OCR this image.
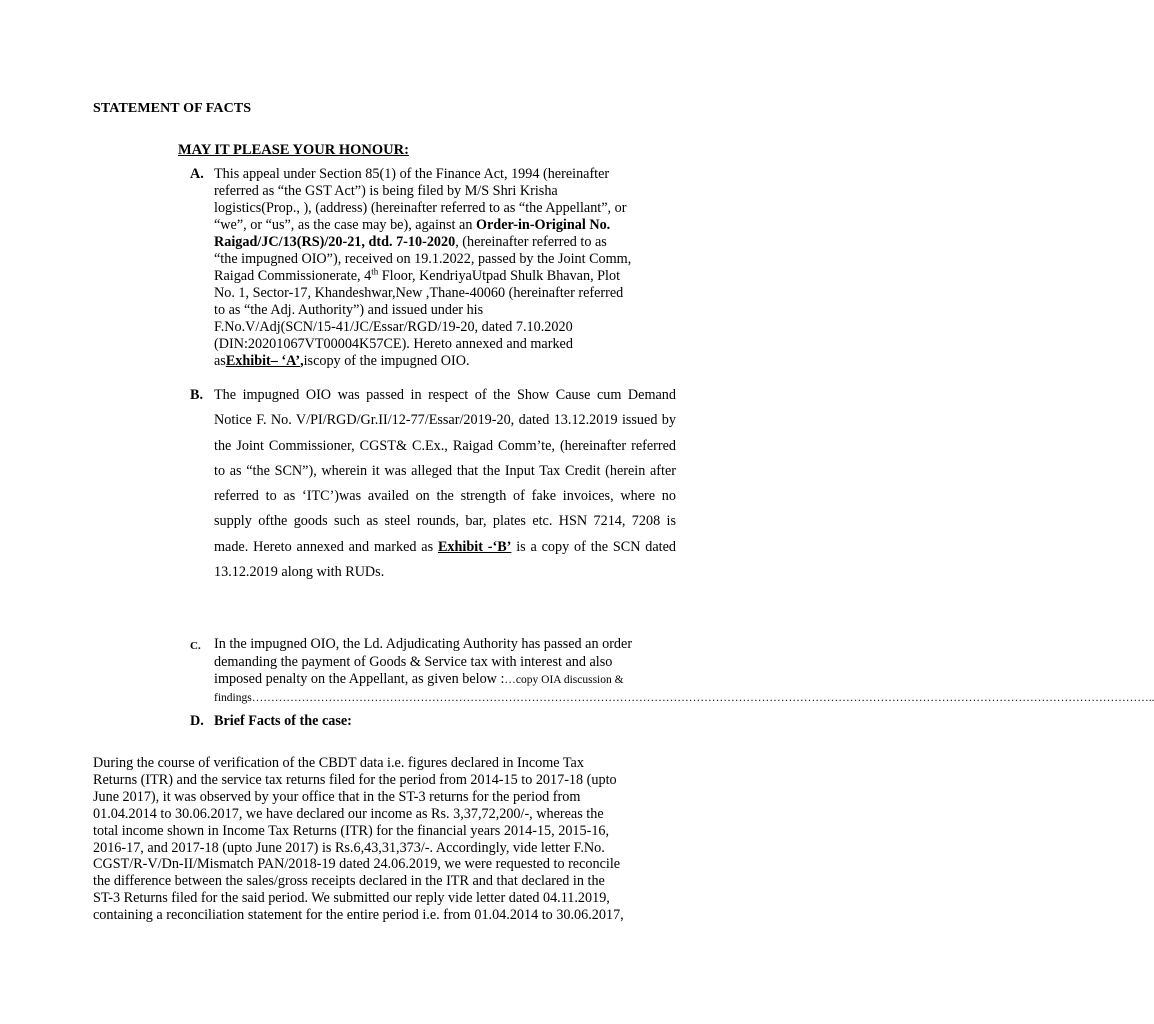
STATEMENT OF FACTS
MAY IT PLEASE YOUR HONOUR:
A. This appeal under Section 85(1) of the Finance Act, 1994 (hereinafter

referred as “the GST Act”) is being filed by M/S Shri Krisha

logistics(Prop., ), (address) (hereinafter referred to as “the Appellant”, or

“we”, or “us”, as the case may be), against an Order-in-Original No.

Raigad/JC/13(RS)/20-21, dtd. 7-10-2020, (hereinafter referred to as

“the impugned OIO”), received on 19.1.2022, passed by the Joint Comm,

Raigad Commissionerate, 4th Floor, KendriyaUtpad Shulk Bhavan, Plot

No. 1, Sector-17, Khandeshwar,New ,Thane-40060 (hereinafter referred

to as “the Adj. Authority”) and issued under his

F.No.V/Adj(SCN/15-41/JC/Essar/RGD/19-20, dated 7.10.2020

(DIN:20201067VT00004K57CE). Hereto annexed and marked

asExhibit– ‘A’,iscopy of the impugned OIO.

B. The impugned OIO was passed in respect of the Show Cause cum Demand Notice F. No. V/PI/RGD/Gr.II/12-77/Essar/2019-20, dated 13.12.2019 issued by the Joint Commissioner, CGST& C.Ex., Raigad Comm’te, (hereinafter referred to as “the SCN”), wherein it was alleged that the Input Tax Credit (herein after referred to as ‘ITC’)was availed on the strength of fake invoices, where no supply ofthe goods such as steel rounds, bar, plates etc. HSN 7214, 7208 is made. Hereto annexed and marked as Exhibit -‘B’ is a copy of the SCN dated 13.12.2019 along with RUDs.

C. In the impugned OIO, the Ld. Adjudicating Authority has passed an order

demanding the payment of Goods & Service tax with interest and also

imposed penalty on the Appellant, as given below :…copy OIA discussion &

findings………………………………………………………………………………………………………………………………………………………………………………………………………………..

D. Brief Facts of the case:

During the course of verification of the CBDT data i.e. figures declared in Income Tax

Returns (ITR) and the service tax returns filed for the period from 2014-15 to 2017-18 (upto

June 2017), it was observed by your office that in the ST-3 returns for the period from

01.04.2014 to 30.06.2017, we have declared our income as Rs. 3,37,72,200/-, whereas the

total income shown in Income Tax Returns (ITR) for the financial years 2014-15, 2015-16,

2016-17, and 2017-18 (upto June 2017) is Rs.6,43,31,373/-. Accordingly, vide letter F.No.

CGST/R-V/Dn-II/Mismatch PAN/2018-19 dated 24.06.2019, we were requested to reconcile

the difference between the sales/gross receipts declared in the ITR and that declared in the

ST-3 Returns filed for the said period. We submitted our reply vide letter dated 04.11.2019,

containing a reconciliation statement for the entire period i.e. from 01.04.2014 to 30.06.2017,
